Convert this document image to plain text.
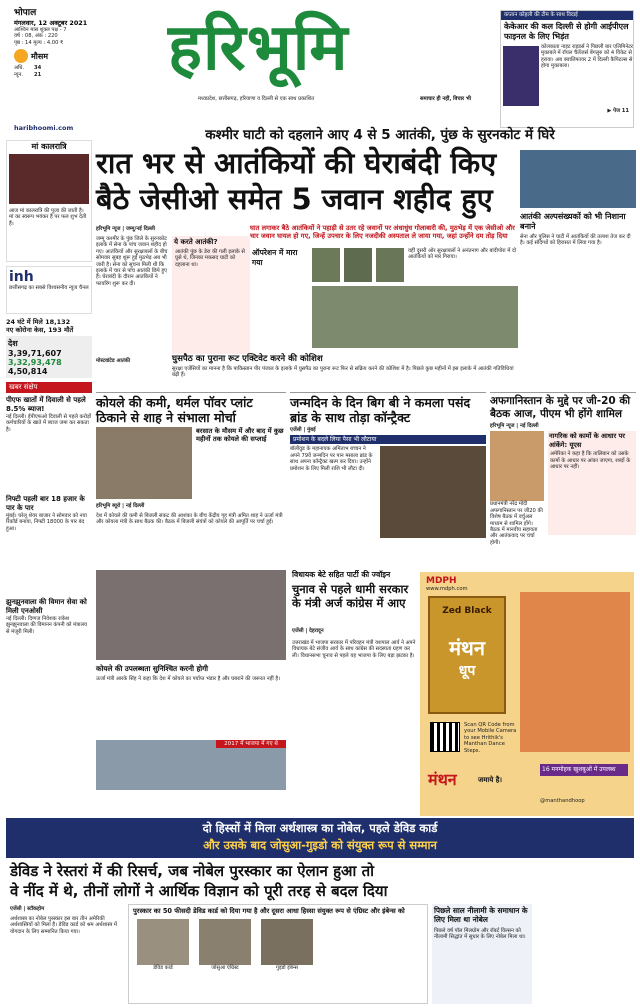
भोपाल
मंगलवार, 12 अक्टूबर 2021
आश्विन मास शुक्ल पक्ष - 7
वर्ष : 08, अंक : 220
पृष्ठ : 14 मूल्य : 4.00 ₹
मौसम
अधि.	34
न्यून.	21
haribhoomi.com
हरिभूमि
मध्यप्रदेश, छत्तीसगढ़, हरियाणा व दिल्ली से एक साथ प्रकाशित	समाचार ही नहीं, विचार भी
कप्तान कोहली की टीम के साथ विदाई
केकेआर की कल दिल्ली से होगी आईपीएल फाइनल के लिए भिड़ंत
कोलकाता नाइट राइडर्स ने पिछली बार एलिमिनेटर मुकाबले में रॉयल चैलेंजर्स बेंगलुरु को 4 विकेट से हराया। अब क्वालिफायर 2 में दिल्ली कैपिटल्स से होगा मुकाबला।
▶ पेज 11
कश्मीर घाटी को दहलाने आए 4 से 5 आतंकी, पुंछ के सुरनकोट में घिरे
मां कालरात्रि
आज मां कालरात्रि की पूजा की जाती है। मां का स्वरूप भयंकर है पर फल शुभ देती हैं।
inh
छत्तीसगढ़ का सबसे विश्वसनीय न्यूज चैनल
24 घंटे में मिले 18,132
नए कोरोना केस, 193 मौतें
देश
3,39,71,607
3,32,93,478
4,50,814
खबर संक्षेप
पीएफ खातों में दिवाली से पहले 8.5% ब्याज!
नई दिल्ली। ईपीएफओ दिवाली से पहले करोड़ों कर्मचारियों के खाते में ब्याज जमा कर सकता है।
निफ्टी पहली बार 18 हजार के पार के पार
मुंबई। घरेलू शेयर बाजार ने सोमवार को नया रिकॉर्ड बनाया, निफ्टी 18000 के पार बंद हुआ।
झुनझुनवाला की विमान सेवा को मिली एनओसी
नई दिल्ली। दिग्गज निवेशक राकेश झुनझुनवाला की विमानन कंपनी को मंत्रालय से मंजूरी मिली।
रात भर से आतंकियों की घेराबंदी किए
बैठे जेसीओ समेत 5 जवान शहीद हुए
हरिभूमि न्यूज | जम्मू/नई दिल्ली	घात लगाकर बैठे आतंकियों ने पहाड़ी से उतर रहे जवानों पर अंधाधुंध गोलाबारी की, मुठभेड़ में एक जेसीओ और चार जवान घायल हो गए, जिन्हें उपचार के लिए नजदीकी अस्पताल ले जाया गया, जहां उन्होंने दम तोड़ दिया
जम्मू कश्मीर के पुंछ जिले के सुरनकोट इलाके में सेना के पांच जवान शहीद हो गए। आतंकियों और सुरक्षाबलों के बीच सोमवार सुबह शुरू हुई मुठभेड़ अब भी जारी है। सेना को सूचना मिली थी कि इलाके में चार से पांच आतंकी छिपे हुए हैं। घेराबंदी के दौरान आतंकियों ने फायरिंग शुरू कर दी।
ये करते आतंकी?
आतंकी पुंछ के डेरा की गली इलाके से घुसे थे, जिनका मकसद घाटी को दहलाना था।
ऑपरेशन में मारा गया
वहीं दूसरी ओर सुरक्षाबलों ने अनंतनाग और बांदीपोरा में दो आतंकियों को मार गिराया।
घुसपैठ का पुराना रूट एक्टिवेट करने की कोशिश
सुरक्षा एजेंसियों का मानना है कि पाकिस्तान पीर पंजाल के इलाके में घुसपैठ का पुराना रूट फिर से सक्रिय करने की कोशिश में है। पिछले कुछ महीनों में इस इलाके में आतंकी गतिविधियां बढ़ी हैं।
मोस्टवांटेड आतंकी
आतंकी अल्पसंख्यकों को भी निशाना बनाने
सेना और पुलिस ने घाटी में आतंकियों की तलाश तेज कर दी है। कई संदिग्धों को हिरासत में लिया गया है।
कोयले की कमी, थर्मल पॉवर प्लांट ठिकाने से शाह ने संभाला मोर्चा
बरसात के मौसम में और बाद में कुछ महीनों तक कोयले की सप्लाई
हरिभूमि ब्यूरो | नई दिल्ली
देश में कोयले की कमी से बिजली संकट की आशंका के बीच केंद्रीय गृह मंत्री अमित शाह ने ऊर्जा मंत्री और कोयला मंत्री के साथ बैठक की। बैठक में बिजली संयंत्रों को कोयले की आपूर्ति पर चर्चा हुई।
जन्मदिन के दिन बिग बी ने कमला पसंद ब्रांड के साथ तोड़ा कॉन्ट्रैक्ट
एजेंसी | मुंबई
प्रमोशन के बदले लिया पैसा भी लौटाया
बॉलीवुड के महानायक अमिताभ बच्चन ने अपने 79वें जन्मदिन पर पान मसाला ब्रांड के साथ अपना कॉन्ट्रैक्ट खत्म कर दिया। उन्होंने प्रमोशन के लिए मिली राशि भी लौटा दी।
अफगानिस्तान के मुद्दे पर जी-20 की बैठक आज, पीएम भी होंगे शामिल
हरिभूमि न्यूज | नई दिल्ली
नागरिक को कामों के आधार पर आंकेंगे: यूएस
अमेरिका ने कहा है कि तालिबान को उसके कामों के आधार पर आंका जाएगा, शब्दों के आधार पर नहीं।
प्रधानमंत्री नरेंद्र मोदी अफगानिस्तान पर जी20 की विशेष बैठक में वर्चुअल माध्यम से शामिल होंगे। बैठक में मानवीय सहायता और आतंकवाद पर चर्चा होगी।
विधायक बेटे सहित पार्टी की ज्वॉइन
चुनाव से पहले धामी सरकार के मंत्री अर्ज कांग्रेस में आए
एजेंसी | देहरादून
उत्तराखंड में भाजपा सरकार में परिवहन मंत्री यशपाल आर्य ने अपने विधायक बेटे संजीव आर्य के साथ कांग्रेस की सदस्यता ग्रहण कर ली। विधानसभा चुनाव से पहले यह भाजपा के लिए बड़ा झटका है।
कोयले की उपलब्धता सुनिश्चित करनी होगी
ऊर्जा मंत्री आरके सिंह ने कहा कि देश में कोयले का पर्याप्त भंडार है और घबराने की जरूरत नहीं है।
2017 में भाजपा में गए थे
MDPH
www.mdph.com
Zed Black
मंथन
धूप
Scan QR Code from your Mobile Camera to see Hrithik's Manthan Dance Steps.
मंथन	जमाये है।
16 मनमोहक खुशबुओं में उपलब्ध
@manthandhoop
दो हिस्सों में मिला अर्थशास्त्र का नोबेल, पहले डेविड कार्ड
और उसके बाद जोसुआ-गुइडो को संयुक्त रूप से सम्मान
डेविड ने रेस्तरां में की रिसर्च, जब नोबेल पुरस्कार का ऐलान हुआ तो
वे नींद में थे, तीनों लोगों ने आर्थिक विज्ञान को पूरी तरह से बदल दिया
एजेंसी | स्टॉकहोम
अर्थशास्त्र का नोबेल पुरस्कार इस बार तीन अमेरिकी अर्थशास्त्रियों को मिला है। डेविड कार्ड को श्रम अर्थशास्त्र में योगदान के लिए सम्मानित किया गया।
पुरस्कार का 50 फीसदी डेविड कार्ड को दिया गया है और दूसरा आधा हिस्सा संयुक्त रूप से एंग्रिस्ट और इंबेन्स को
डेविड कार्ड	जोसुआ एंग्रिस्ट	गुइडो इंबेन्स
पिछले साल नीलामी के समाधान के लिए मिला था नोबेल
पिछले वर्ष पॉल मिलग्रोम और रॉबर्ट विल्सन को नीलामी सिद्धांत में सुधार के लिए नोबेल मिला था।
